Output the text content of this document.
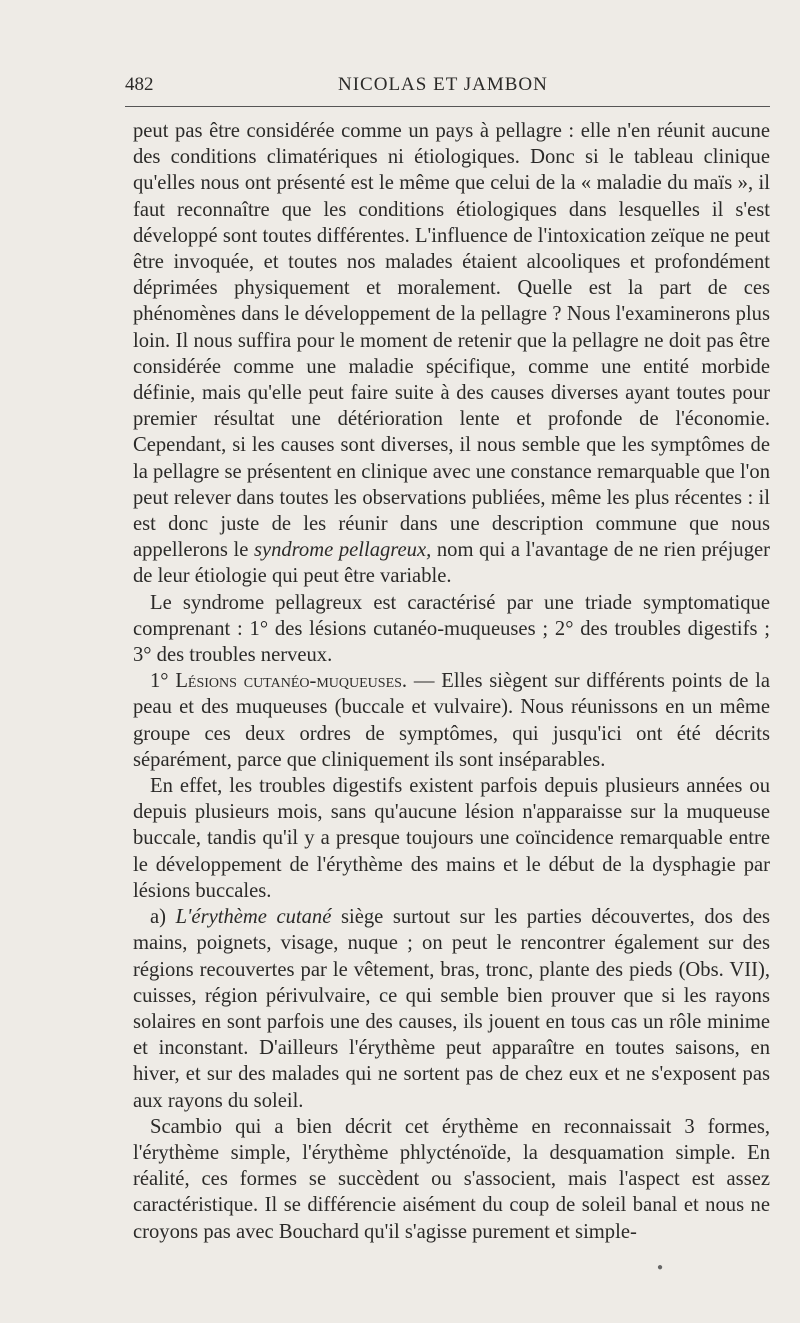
482	NICOLAS ET JAMBON

peut pas être considérée comme un pays à pellagre : elle n'en réunit aucune des conditions climatériques ni étiologiques. Donc si le tableau clinique qu'elles nous ont présenté est le même que celui de la « maladie du maïs », il faut reconnaître que les conditions étiologiques dans lesquelles il s'est développé sont toutes différentes. L'influence de l'intoxication zeïque ne peut être invoquée, et toutes nos malades étaient alcooliques et profondément déprimées physiquement et moralement. Quelle est la part de ces phénomènes dans le développement de la pellagre ? Nous l'examinerons plus loin. Il nous suffira pour le moment de retenir que la pellagre ne doit pas être considérée comme une maladie spécifique, comme une entité morbide définie, mais qu'elle peut faire suite à des causes diverses ayant toutes pour premier résultat une détérioration lente et profonde de l'économie. Cependant, si les causes sont diverses, il nous semble que les symptômes de la pellagre se présentent en clinique avec une constance remarquable que l'on peut relever dans toutes les observations publiées, même les plus récentes : il est donc juste de les réunir dans une description commune que nous appellerons le syndrome pellagreux, nom qui a l'avantage de ne rien préjuger de leur étiologie qui peut être variable.

Le syndrome pellagreux est caractérisé par une triade symptomatique comprenant : 1° des lésions cutanéo-muqueuses ; 2° des troubles digestifs ; 3° des troubles nerveux.

1° Lésions cutanéo-muqueuses. — Elles siègent sur différents points de la peau et des muqueuses (buccale et vulvaire). Nous réunissons en un même groupe ces deux ordres de symptômes, qui jusqu'ici ont été décrits séparément, parce que cliniquement ils sont inséparables.

En effet, les troubles digestifs existent parfois depuis plusieurs années ou depuis plusieurs mois, sans qu'aucune lésion n'apparaisse sur la muqueuse buccale, tandis qu'il y a presque toujours une coïncidence remarquable entre le développement de l'érythème des mains et le début de la dysphagie par lésions buccales.

a) L'érythème cutané siège surtout sur les parties découvertes, dos des mains, poignets, visage, nuque ; on peut le rencontrer également sur des régions recouvertes par le vêtement, bras, tronc, plante des pieds (Obs. VII), cuisses, région périvulvaire, ce qui semble bien prouver que si les rayons solaires en sont parfois une des causes, ils jouent en tous cas un rôle minime et inconstant. D'ailleurs l'érythème peut apparaître en toutes saisons, en hiver, et sur des malades qui ne sortent pas de chez eux et ne s'exposent pas aux rayons du soleil.

Scambio qui a bien décrit cet érythème en reconnaissait 3 formes, l'érythème simple, l'érythème phlycténoïde, la desquamation simple. En réalité, ces formes se succèdent ou s'associent, mais l'aspect est assez caractéristique. Il se différencie aisément du coup de soleil banal et nous ne croyons pas avec Bouchard qu'il s'agisse purement et simple-

●
